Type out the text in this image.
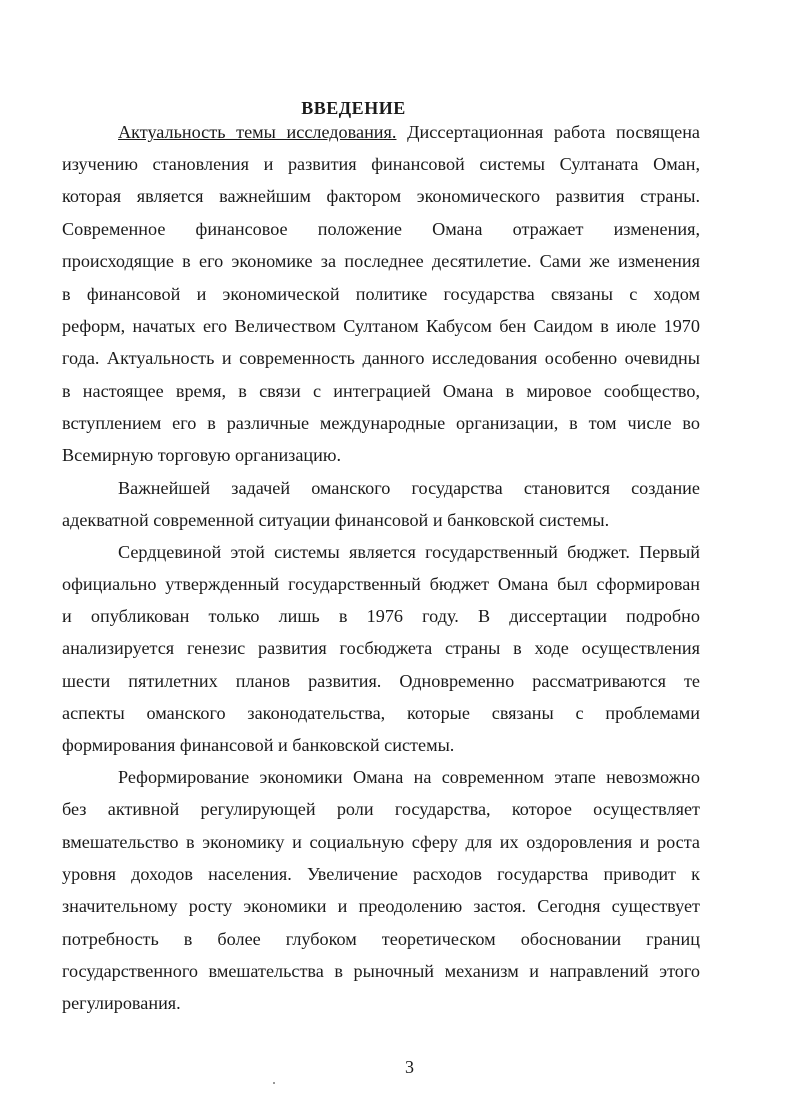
ВВЕДЕНИЕ
Актуальность темы исследования. Диссертационная работа посвящена
изучению становления и развития финансовой системы Султаната Оман,
которая является важнейшим фактором экономического развития страны.
Современное финансовое положение Омана отражает изменения,
происходящие в его экономике за последнее десятилетие. Сами же изменения
в финансовой и экономической политике государства связаны с ходом
реформ, начатых его Величеством Султаном Кабусом бен Саидом в июле 1970
года. Актуальность и современность данного исследования особенно очевидны
в настоящее время, в связи с интеграцией Омана в мировое сообщество,
вступлением его в различные международные организации, в том числе во
Всемирную торговую организацию.
Важнейшей задачей оманского государства становится создание
адекватной современной ситуации финансовой и банковской системы.
Сердцевиной этой системы является государственный бюджет. Первый
официально утвержденный государственный бюджет Омана был сформирован
и опубликован только лишь в 1976 году. В диссертации подробно
анализируется генезис развития госбюджета страны в ходе осуществления
шести пятилетних планов развития. Одновременно рассматриваются те
аспекты оманского законодательства, которые связаны с проблемами
формирования финансовой и банковской системы.
Реформирование экономики Омана на современном этапе невозможно
без активной регулирующей роли государства, которое осуществляет
вмешательство в экономику и социальную сферу для их оздоровления и роста
уровня доходов населения. Увеличение расходов государства приводит к
значительному росту экономики и преодолению застоя. Сегодня существует
потребность в более глубоком теоретическом обосновании границ
государственного вмешательства в рыночный механизм и направлений этого
регулирования.
3
